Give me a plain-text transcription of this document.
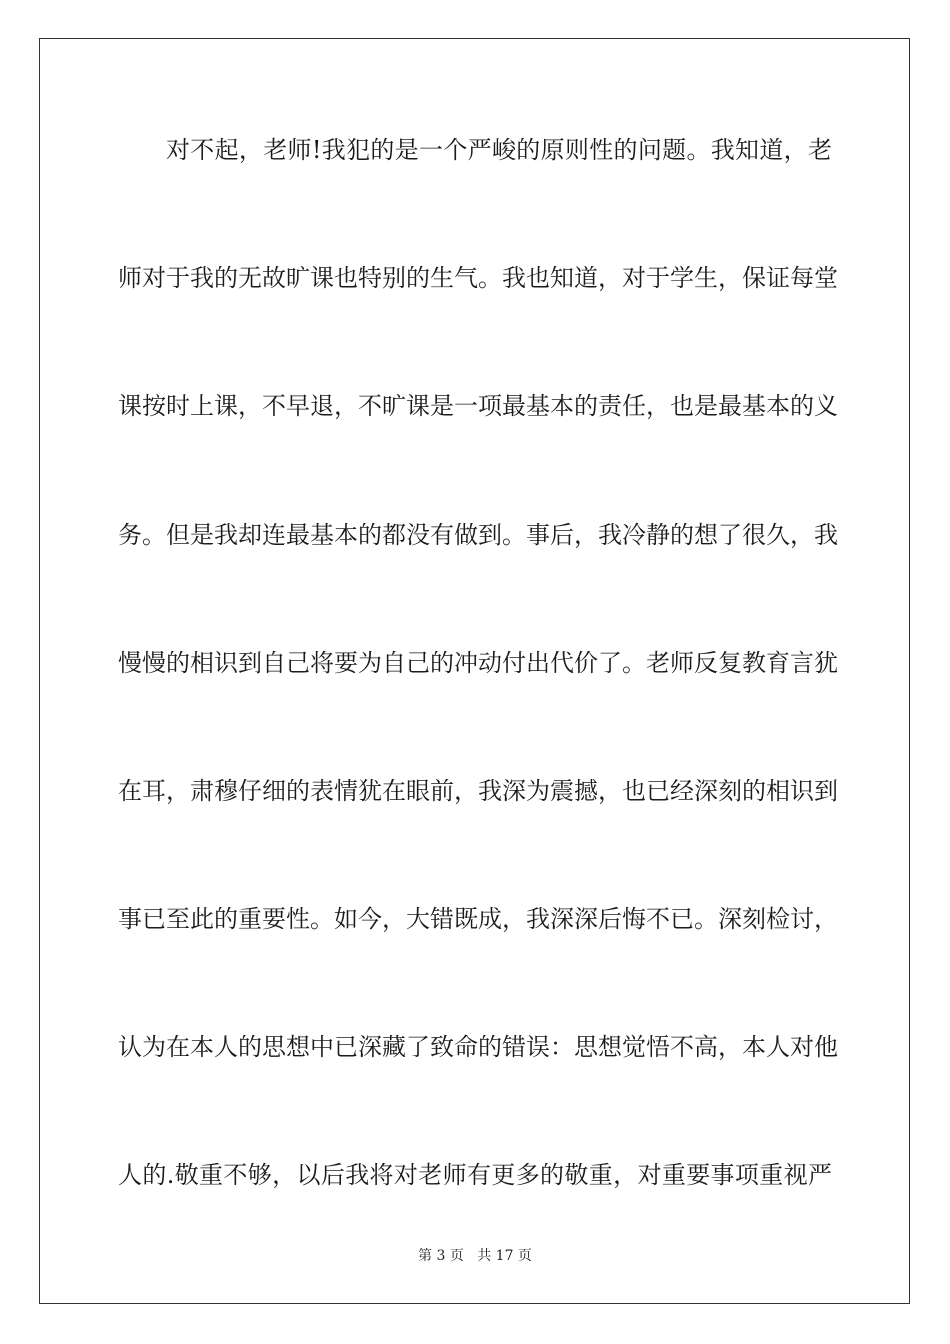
对不起，老师!我犯的是一个严峻的原则性的问题。我知道，老
师对于我的无故旷课也特别的生气。我也知道，对于学生，保证每堂
课按时上课，不早退，不旷课是一项最基本的责任，也是最基本的义
务。但是我却连最基本的都没有做到。事后，我冷静的想了很久，我
慢慢的相识到自己将要为自己的冲动付出代价了。老师反复教育言犹
在耳，肃穆仔细的表情犹在眼前，我深为震撼，也已经深刻的相识到
事已至此的重要性。如今，大错既成，我深深后悔不已。深刻检讨，
认为在本人的思想中已深藏了致命的错误：思想觉悟不高，本人对他
人的.敬重不够，以后我将对老师有更多的敬重，对重要事项重视严
第 3 页 共 17 页
